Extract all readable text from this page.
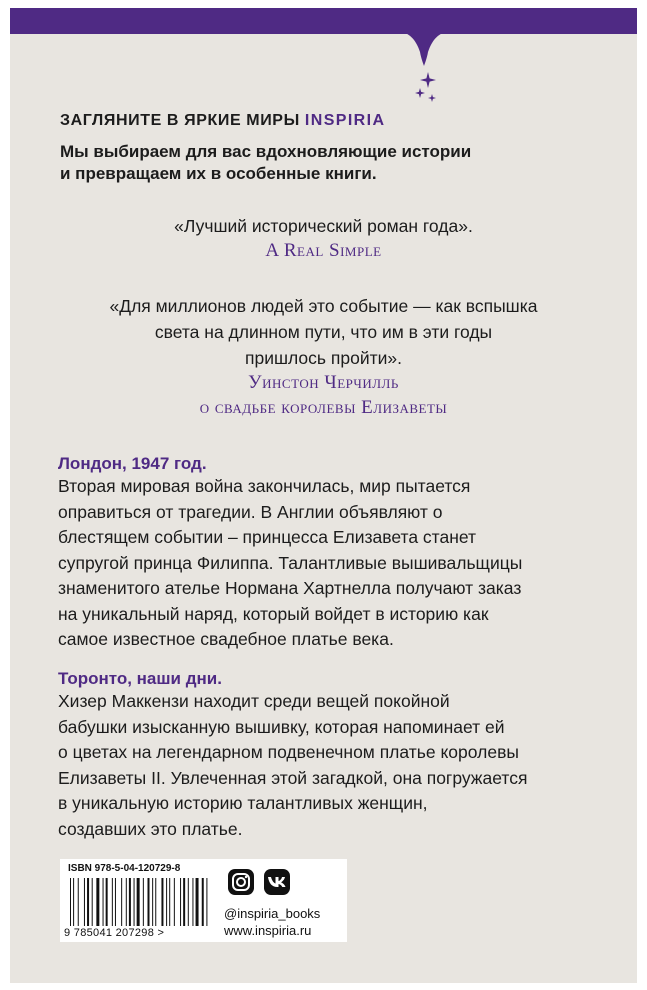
ЗАГЛЯНИТЕ В ЯРКИЕ МИРЫ INSPIRIA
Мы выбираем для вас вдохновляющие истории
и превращаем их в особенные книги.
«Лучший исторический роман года».
A Real Simple
«Для миллионов людей это событие — как вспышка
света на длинном пути, что им в эти годы
пришлось пройти».
Уинстон Черчилль
о свадьбе королевы Елизаветы
Лондон, 1947 год.
Вторая мировая война закончилась, мир пытается
оправиться от трагедии. В Англии объявляют о
блестящем событии – принцесса Елизавета станет
супругой принца Филиппа. Талантливые вышивальщицы
знаменитого ателье Нормана Хартнелла получают заказ
на уникальный наряд, который войдет в историю как
самое известное свадебное платье века.
Торонто, наши дни.
Хизер Маккензи находит среди вещей покойной
бабушки изысканную вышивку, которая напоминает ей
о цветах на легендарном подвенечном платье королевы
Елизаветы II. Увлеченная этой загадкой, она погружается
в уникальную историю талантливых женщин,
создавших это платье.
ISBN 978-5-04-120729-8
9 785041 207298 >
@inspiria_books
www.inspiria.ru
